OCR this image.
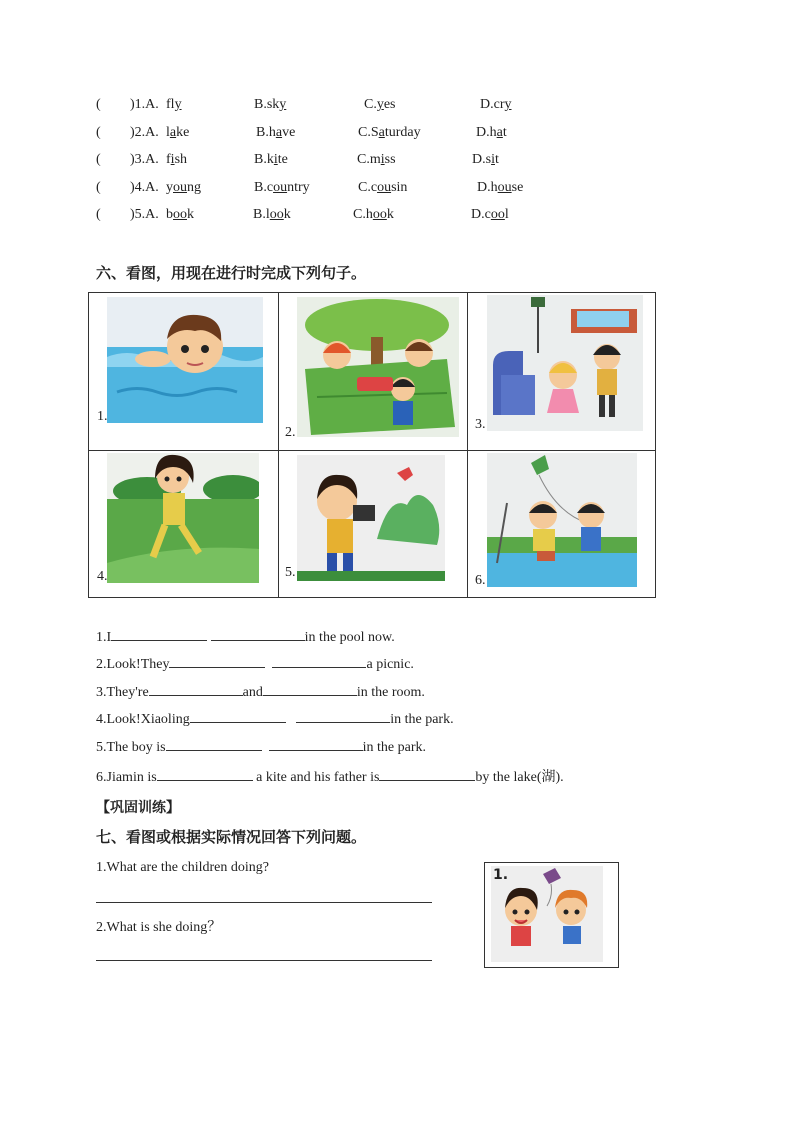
( )1.A. fly	B.sky	C.yes	D.cry
( )2.A. lake	B.have	C.Saturday	D.hat
( )3.A. fish	B.kite	C.miss	D.sit
( )4.A. young	B.country	C.cousin	D.house
( )5.A. book	B.look	C.hook	D.cool
六、看图，用现在进行时完成下列句子。
1.
2.
3.
4.	5.
6.
1.I	in the pool now.
2.Look!They	a picnic.
3.They're	and	in the room.
4.Look!Xiaoling	in the park.
5.The boy is	in the park.
6.Jiamin is	a kite and his father is	by the lake(湖).
【巩固训练】
七、看图或根据实际情况回答下列问题。
1.What are the children doing?
2.What is she doing？
1.
